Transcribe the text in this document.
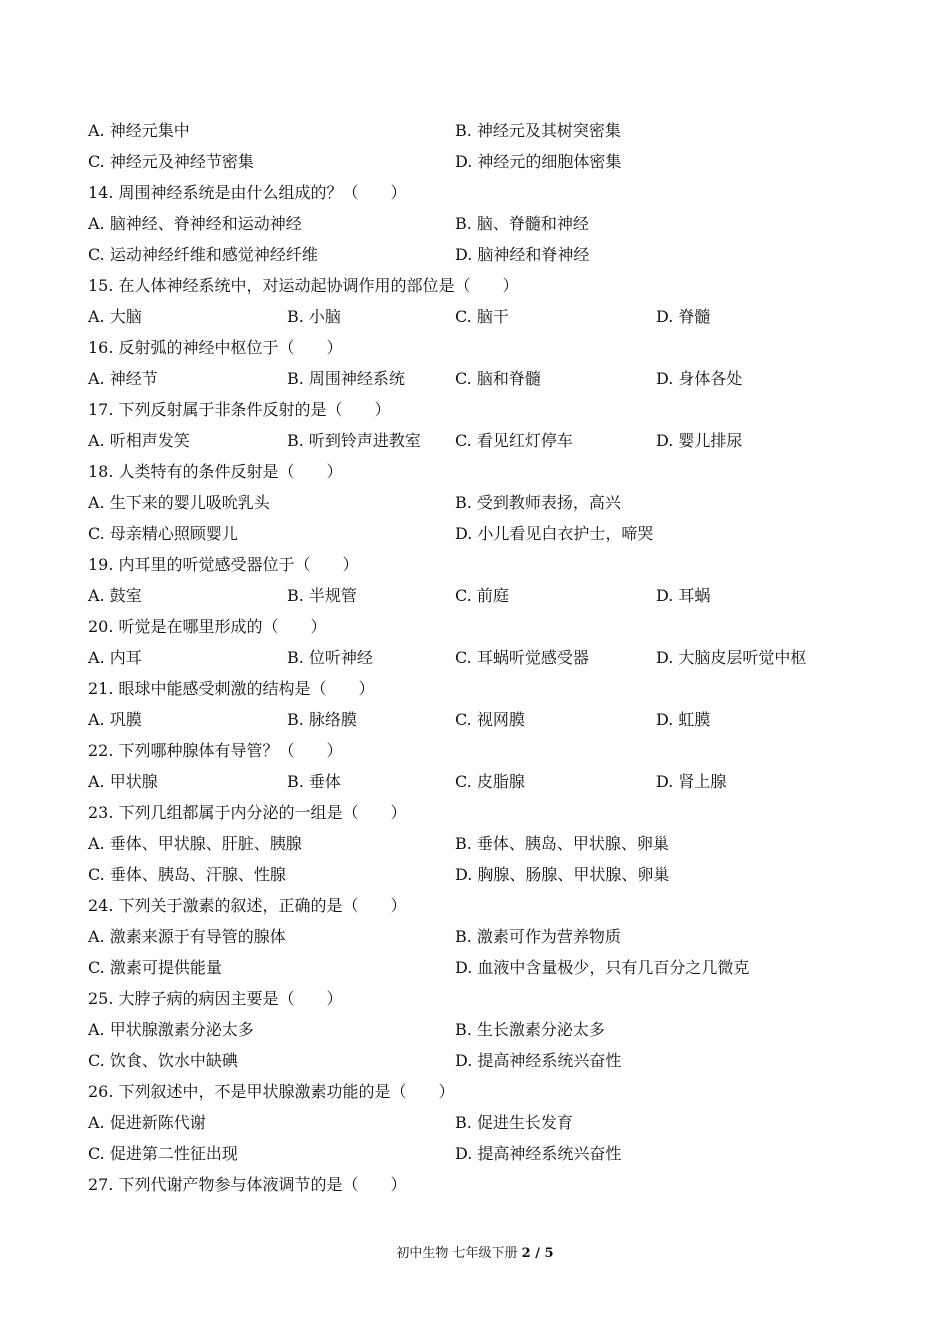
A. 神经元集中	B. 神经元及其树突密集
C. 神经元及神经节密集	D. 神经元的细胞体密集
14. 周围神经系统是由什么组成的？（　　）
A. 脑神经、脊神经和运动神经	B. 脑、脊髓和神经
C. 运动神经纤维和感觉神经纤维	D. 脑神经和脊神经
15. 在人体神经系统中，对运动起协调作用的部位是（　　）
A. 大脑	B. 小脑	C. 脑干	D. 脊髓
16. 反射弧的神经中枢位于（　　）
A. 神经节	B. 周围神经系统	C. 脑和脊髓	D. 身体各处
17. 下列反射属于非条件反射的是（　　）
A. 听相声发笑	B. 听到铃声进教室 C. 看见红灯停车	D. 婴儿排尿
18. 人类特有的条件反射是（　　）
A. 生下来的婴儿吸吮乳头	B. 受到教师表扬，高兴
C. 母亲精心照顾婴儿	D. 小儿看见白衣护士，啼哭
19. 内耳里的听觉感受器位于（　　）
A. 鼓室	B. 半规管	C. 前庭	D. 耳蜗
20. 听觉是在哪里形成的（　　）
A. 内耳	B. 位听神经	C. 耳蜗听觉感受器	D. 大脑皮层听觉中枢
21. 眼球中能感受刺激的结构是（　　）
A. 巩膜	B. 脉络膜	C. 视网膜	D. 虹膜
22. 下列哪种腺体有导管？（　　）
A. 甲状腺	B. 垂体	C. 皮脂腺	D. 肾上腺
23. 下列几组都属于内分泌的一组是（　　）
A. 垂体、甲状腺、肝脏、胰腺	B. 垂体、胰岛、甲状腺、卵巢
C. 垂体、胰岛、汗腺、性腺	D. 胸腺、肠腺、甲状腺、卵巢
24. 下列关于激素的叙述，正确的是（　　）
A. 激素来源于有导管的腺体	B. 激素可作为营养物质
C. 激素可提供能量	D. 血液中含量极少，只有几百分之几微克
25. 大脖子病的病因主要是（　　）
A. 甲状腺激素分泌太多	B. 生长激素分泌太多
C. 饮食、饮水中缺碘	D. 提高神经系统兴奋性
26. 下列叙述中，不是甲状腺激素功能的是（　　）
A. 促进新陈代谢	B. 促进生长发育
C. 促进第二性征出现	D. 提高神经系统兴奋性
27. 下列代谢产物参与体液调节的是（　　）
初中生物 七年级下册 2 / 5
